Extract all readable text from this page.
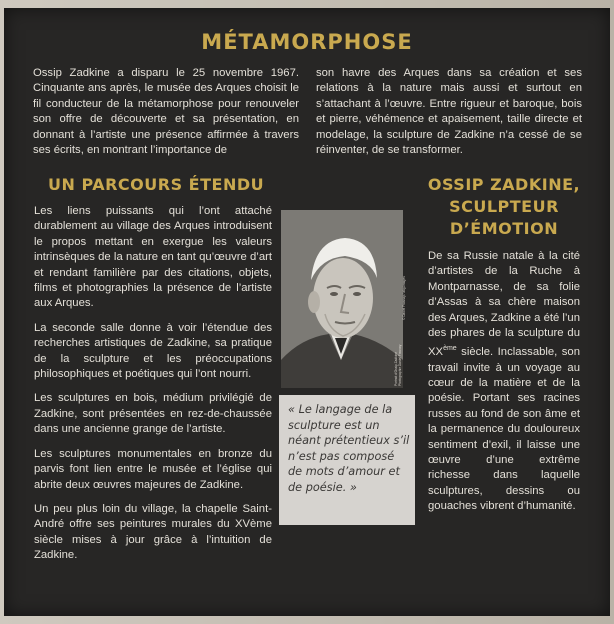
MÉTAMORPHOSE
Ossip Zadkine a disparu le 25 novembre 1967. Cinquante ans après, le musée des Arques choisit le fil conducteur de la métamorphose pour renouveler son offre de découverte et sa présentation, en donnant à l’artiste une présence affirmée à travers ses écrits, en montrant l’importance de
son havre des Arques dans sa création et ses relations à la nature mais aussi et surtout en s’attachant à l’œuvre. Entre rigueur et baroque, bois et pierre, véhémence et apaisement, taille directe et modelage, la sculpture de Zadkine n’a cessé de se réinventer, de se transformer.
UN PARCOURS ÉTENDU	OSSIP ZADKINE,
SCULPTEUR
D’ÉMOTION

Les liens puissants qui l’ont attaché durablement au village des Arques introduisent le propos mettant en exergue les valeurs intrinsèques de la nature en tant qu’œuvre d’art et rendant familière par des citations, objets, films et photographies la présence de l’artiste aux Arques.

La seconde salle donne à voir l’étendue des recherches artistiques de Zadkine, sa pratique de la sculpture et les préoccupations philosophiques et poétiques qui l’ont nourri.

Les sculptures en bois, médium privilégié de Zadkine, sont présentées en rez-de-chaussée dans une ancienne grange de l’artiste.

Les sculptures monumentales en bronze du parvis font lien entre le musée et l’église qui abrite deux œuvres majeures de Zadkine.

Un peu plus loin du village, la chapelle Saint-André offre ses peintures murales du XVème siècle mises à jour grâce à l’intuition de Zadkine.

De sa Russie natale à la cité d’artistes de la Ruche à Montparnasse, de sa folie d’Assas à sa chère maison des Arques, Zadkine a été l’un des phares de la sculpture du XXème siècle. Inclassable, son travail invite à un voyage au cœur de la matière et de la poésie. Portant ses racines russes au fond de son âme et la permanence du douloureux sentiment d’exil, il laisse une œuvre d’une extrême richesse dans laquelle sculptures, dessins ou gouaches vibrent d’humanité.
Portrait d’Ossip Zadkine Photographie Daniel Frasnay
© Daniel Frasnay / akg-images
« Le langage de la sculpture est un néant prétentieux s’il n’est pas composé de mots d’amour et de poésie. »
